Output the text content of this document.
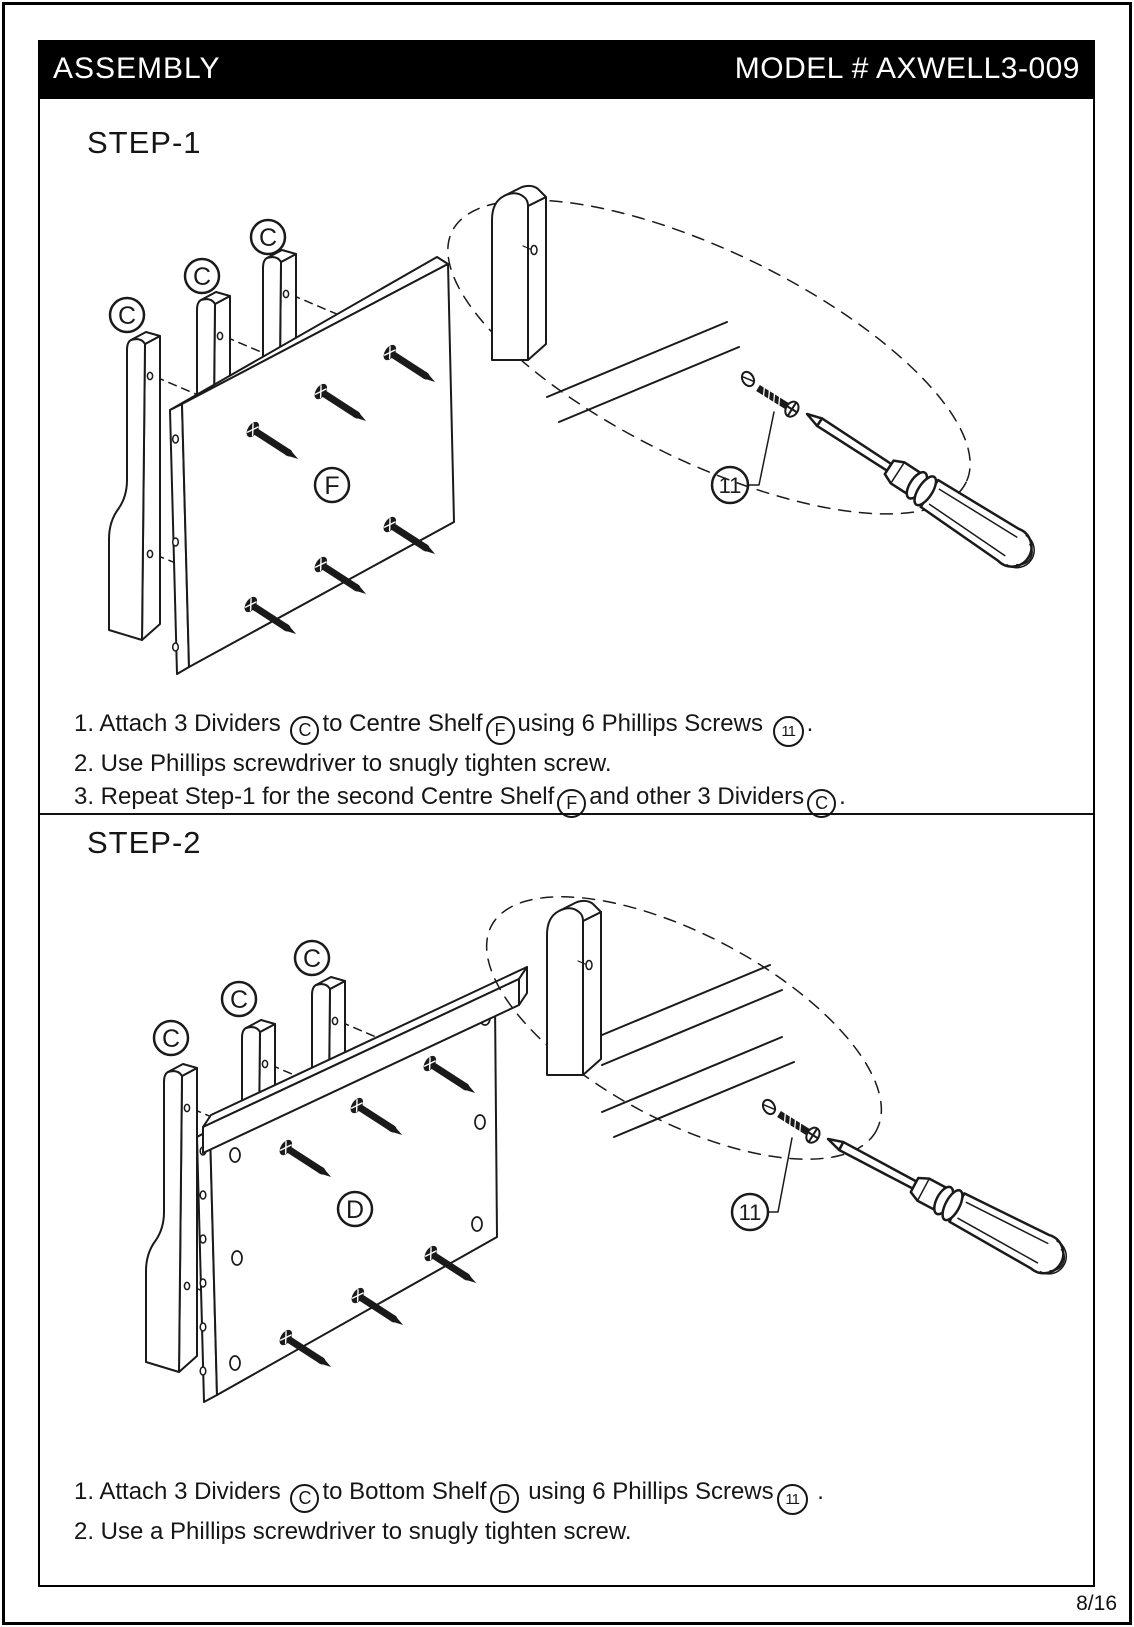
ASSEMBLY	MODEL # AXWELL3-009
STEP-1
C
C
C
F	11
1. Attach 3 Dividers C to Centre Shelf F using 6 Phillips Screws 11 .
2. Use Phillips screwdriver to snugly tighten screw.
3. Repeat Step-1 for the second Centre Shelf F and other 3 Dividers C .
STEP-2
C
C
C
D	11
1. Attach 3 Dividers C to Bottom Shelf D using 6 Phillips Screws 11 .
2. Use a Phillips screwdriver to snugly tighten screw.
8/16
